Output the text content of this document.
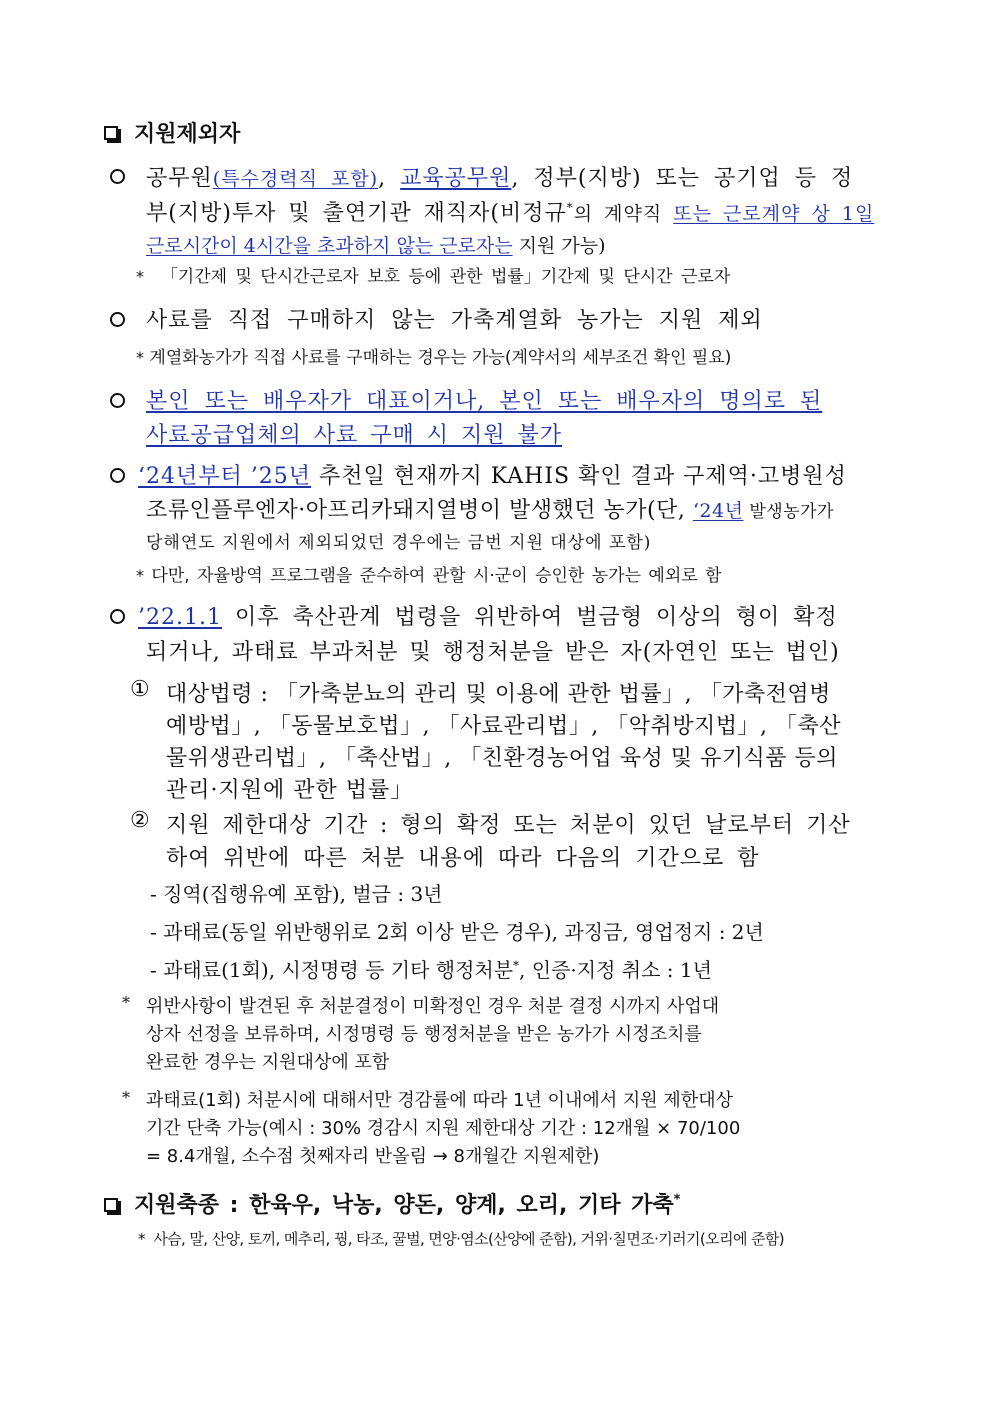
지원제외자
공무원(특수경력직 포함), 교육공무원, 정부(지방) 또는 공기업 등 정
부(지방)투자 및 출연기관 재직자(비정규*의 계약직 또는 근로계약 상 1일
근로시간이 4시간을 초과하지 않는 근로자는 지원 가능)
* 「기간제 및 단시간근로자 보호 등에 관한 법률」기간제 및 단시간 근로자
사료를 직접 구매하지 않는 가축계열화 농가는 지원 제외
* 계열화농가가 직접 사료를 구매하는 경우는 가능(계약서의 세부조건 확인 필요)
본인 또는 배우자가 대표이거나, 본인 또는 배우자의 명의로 된
사료공급업체의 사료 구매 시 지원 불가
‘24년부터 ’25년 추천일 현재까지 KAHIS 확인 결과 구제역·고병원성
조류인플루엔자·아프리카돼지열병이 발생했던 농가(단, ‘24년 발생농가가
당해연도 지원에서 제외되었던 경우에는 금번 지원 대상에 포함)
* 다만, 자율방역 프로그램을 준수하여 관할 시·군이 승인한 농가는 예외로 함
’22.1.1 이후 축산관계 법령을 위반하여 벌금형 이상의 형이 확정
되거나, 과태료 부과처분 및 행정처분을 받은 자(자연인 또는 법인)
① 대상법령 : 「가축분뇨의 관리 및 이용에 관한 법률」, 「가축전염병
예방법」, 「동물보호법」, 「사료관리법」, 「악취방지법」, 「축산
물위생관리법」, 「축산법」, 「친환경농어업 육성 및 유기식품 등의
관리·지원에 관한 법률」
② 지원 제한대상 기간 : 형의 확정 또는 처분이 있던 날로부터 기산
하여 위반에 따른 처분 내용에 따라 다음의 기간으로 함
- 징역(집행유예 포함), 벌금 : 3년
- 과태료(동일 위반행위로 2회 이상 받은 경우), 과징금, 영업정지 : 2년
- 과태료(1회), 시정명령 등 기타 행정처분*, 인증·지정 취소 : 1년
* 위반사항이 발견된 후 처분결정이 미확정인 경우 처분 결정 시까지 사업대
상자 선정을 보류하며, 시정명령 등 행정처분을 받은 농가가 시정조치를
완료한 경우는 지원대상에 포함
* 과태료(1회) 처분시에 대해서만 경감률에 따라 1년 이내에서 지원 제한대상
기간 단축 가능(예시 : 30% 경감시 지원 제한대상 기간 : 12개월 × 70/100
= 8.4개월, 소수점 첫째자리 반올림 → 8개월간 지원제한)
지원축종 : 한육우, 낙농, 양돈, 양계, 오리, 기타 가축*
* 사슴, 말, 산양, 토끼, 메추리, 꿩, 타조, 꿀벌, 면양·염소(산양에 준함), 거위·칠면조·기러기(오리에 준함)
